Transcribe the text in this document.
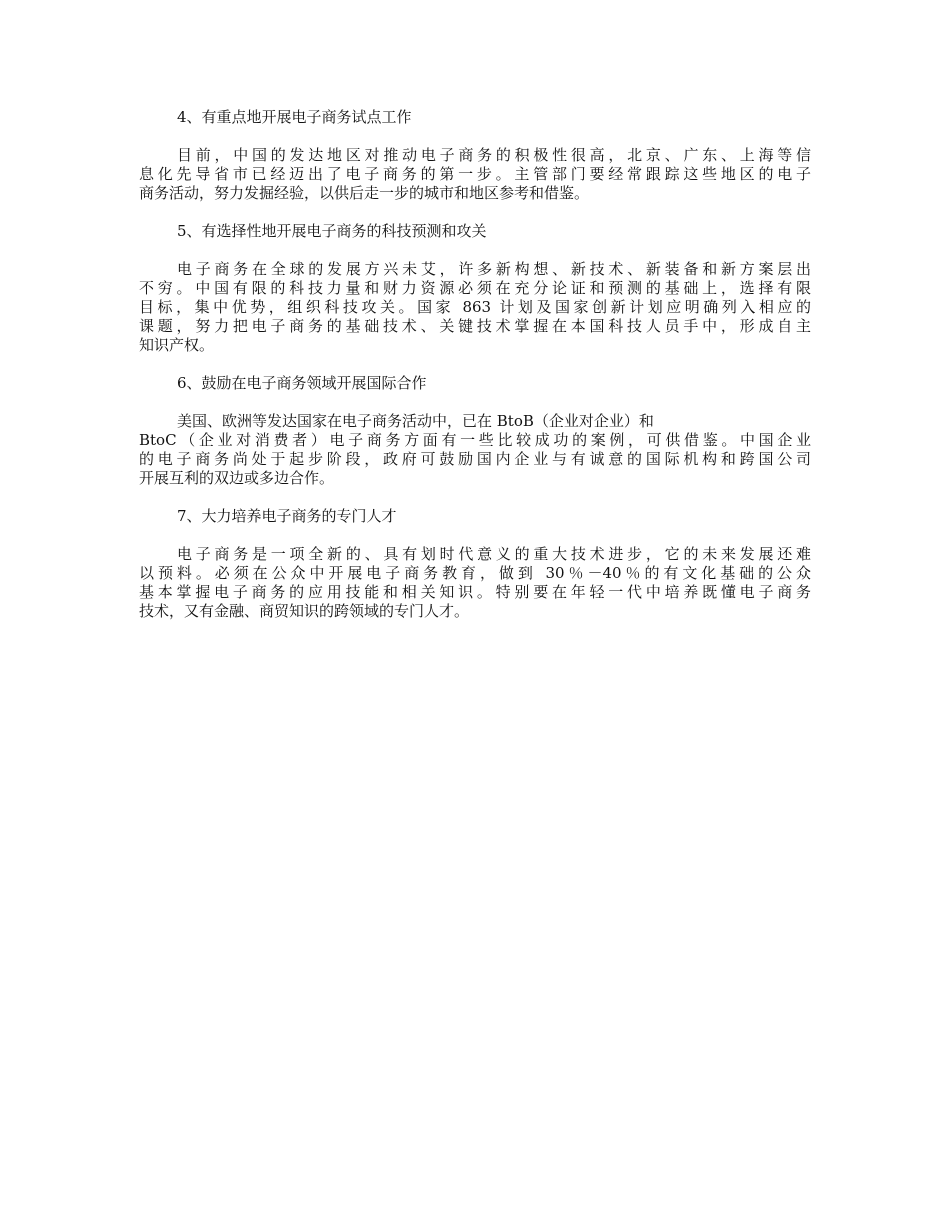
4、有重点地开展电子商务试点工作
目前，中国的发达地区对推动电子商务的积极性很高，北京、广东、上海等信
息化先导省市已经迈出了电子商务的第一步。主管部门要经常跟踪这些地区的电子
商务活动，努力发掘经验，以供后走一步的城市和地区参考和借鉴。
5、有选择性地开展电子商务的科技预测和攻关
电子商务在全球的发展方兴未艾，许多新构想、新技术、新装备和新方案层出
不穷。中国有限的科技力量和财力资源必须在充分论证和预测的基础上，选择有限
目标，集中优势，组织科技攻关。国家 863 计划及国家创新计划应明确列入相应的
课题，努力把电子商务的基础技术、关键技术掌握在本国科技人员手中，形成自主
知识产权。
6、鼓励在电子商务领域开展国际合作
美国、欧洲等发达国家在电子商务活动中，已在 BtoB（企业对企业）和
BtoC（企业对消费者）电子商务方面有一些比较成功的案例，可供借鉴。中国企业
的电子商务尚处于起步阶段，政府可鼓励国内企业与有诚意的国际机构和跨国公司
开展互利的双边或多边合作。
7、大力培养电子商务的专门人才
电子商务是一项全新的、具有划时代意义的重大技术进步，它的未来发展还难
以预料。必须在公众中开展电子商务教育，做到 30％－40％的有文化基础的公众
基本掌握电子商务的应用技能和相关知识。特别要在年轻一代中培养既懂电子商务
技术，又有金融、商贸知识的跨领域的专门人才。
